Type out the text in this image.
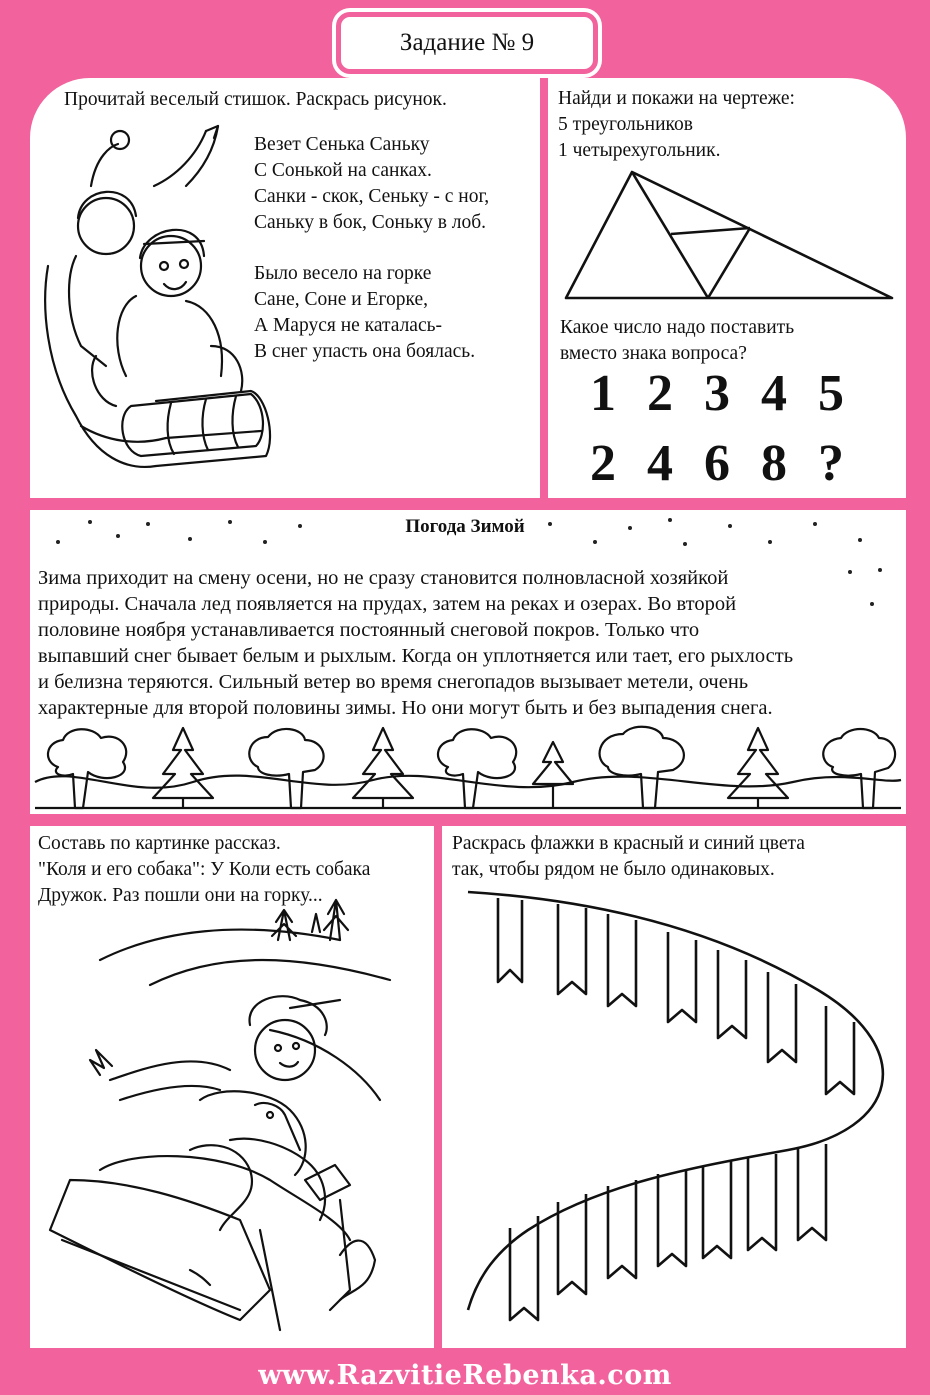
Задание № 9
Прочитай веселый стишок. Раскрась рисунок.
Везет Сенька Саньку
С Сонькой на санках.
Санки - скок, Сеньку - с ног,
Саньку в бок, Соньку в лоб.
Было весело на горке
Сане, Соне и Егорке,
А Маруся не каталась-
В снег упасть она боялась.
Найди и покажи на чертеже:
5 треугольников
1 четырехугольник.
Какое число надо поставить
вместо знака вопроса?
1 2 3 4 5
2 4 6 8 ?
Погода Зимой
Зима приходит на смену осени, но не сразу становится полновласной хозяйкой
природы. Сначала лед появляется на прудах, затем на реках и озерах. Во второй
половине ноября устанавливается постоянный снеговой покров. Только что
выпавший снег бывает белым и рыхлым. Когда он уплотняется или тает, его рыхлость
и белизна теряются. Сильный ветер во время снегопадов вызывает метели, очень
характерные для второй половины зимы. Но они могут быть и без выпадения снега.
Составь по картинке рассказ.
"Коля и его собака": У Коли есть собака
Дружок. Раз пошли они на горку...
Раскрась флажки в красный и синий цвета
так, чтобы рядом не было одинаковых.
www.RazvitieRebenka.com
